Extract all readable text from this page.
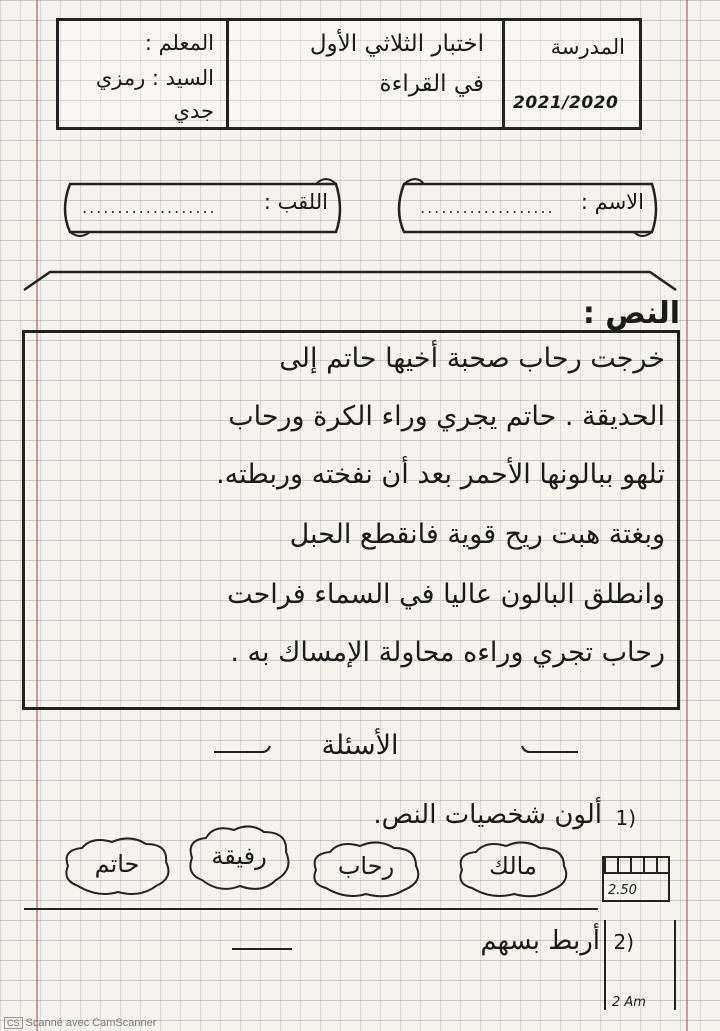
المعلم :
السيد : رمزي
جدي
اختبار الثلاثي الأول
في القراءة
المدرسة
2021/2020
الاسم :
...................
اللقب :
...................
النص :
خرجت رحاب صحبة أخيها حاتم إلى
الحديقة . حاتم يجري وراء الكرة ورحاب
تلهو ببالونها الأحمر بعد أن نفخته وربطته.
وبغتة هبت ريح قوية فانقطع الحبل
وانطلق البالون عاليا في السماء فراحت
رحاب تجري وراءه محاولة الإمساك به .
الأسئلة
1)
ألون شخصيات النص.
مالك
رحاب
رفيقة
حاتم
2.50
2)
أربط بسهم
2 Am
CS Scanné avec CamScanner
